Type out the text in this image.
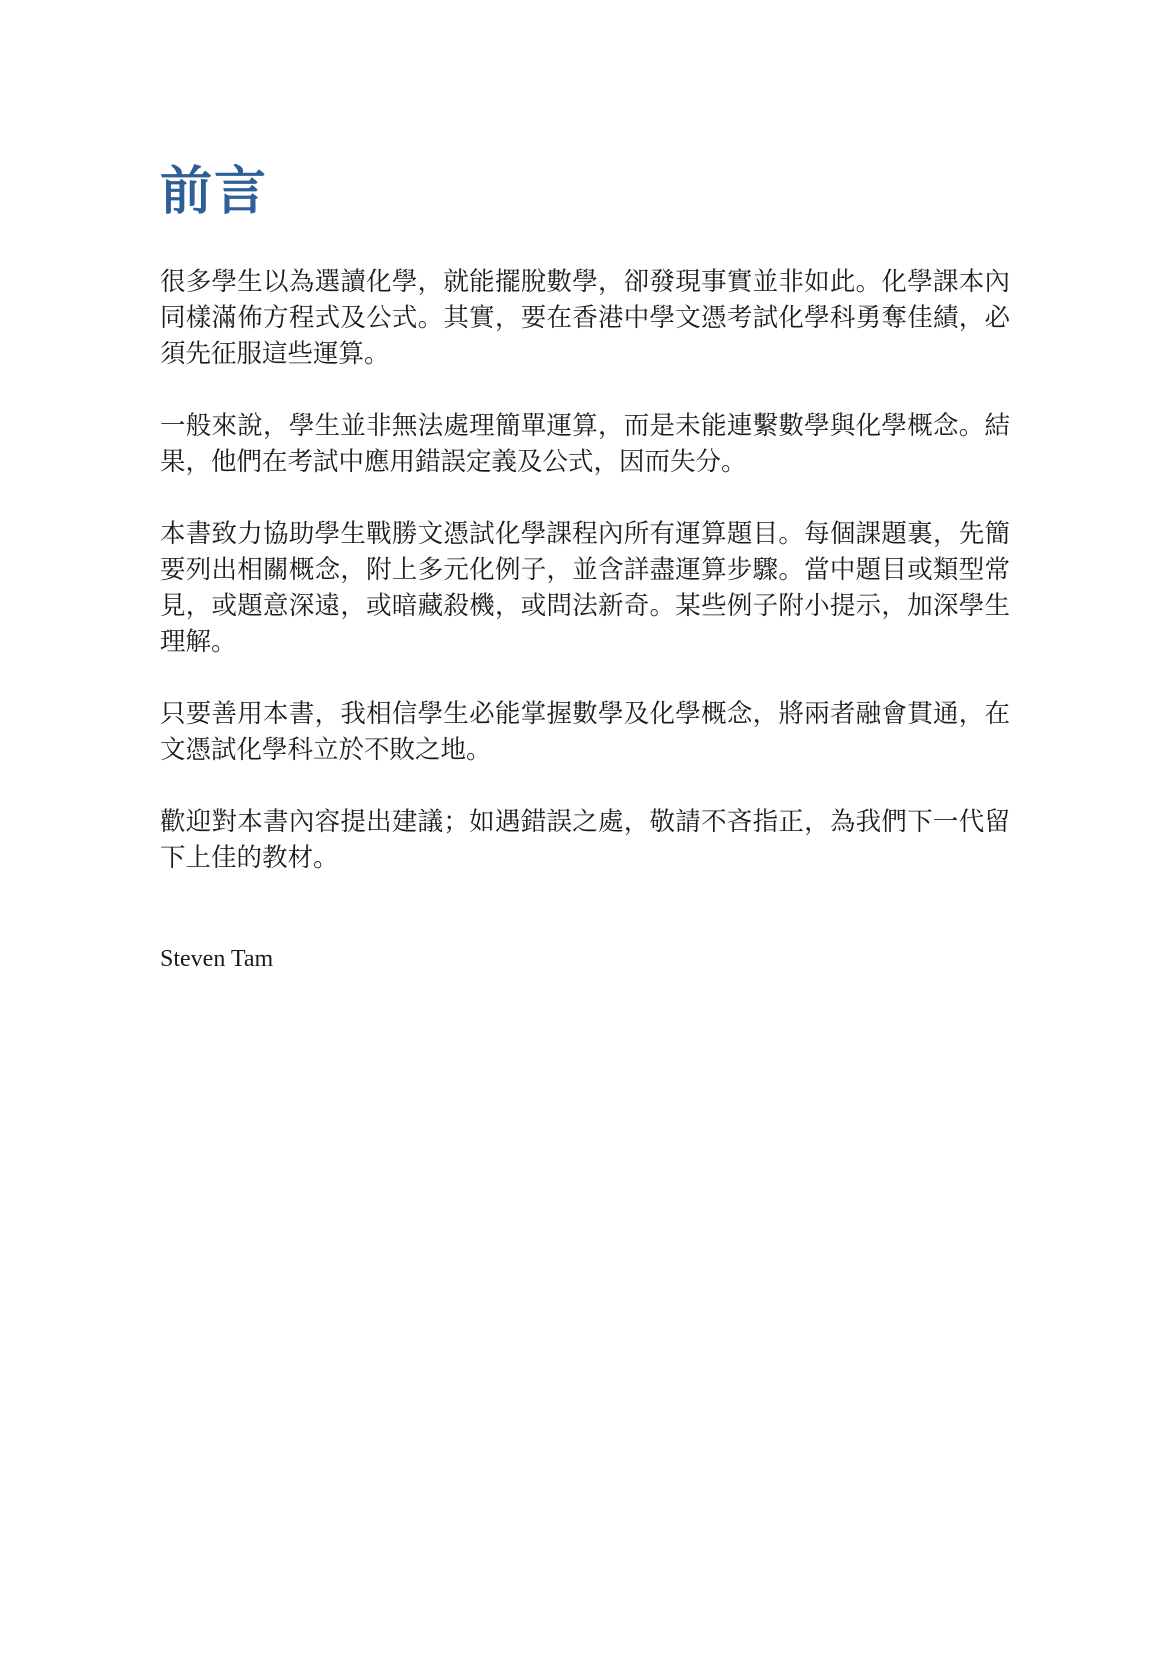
前言

很多學生以為選讀化學，就能擺脫數學，卻發現事實並非如此。化學課本內同樣滿佈方程式及公式。其實，要在香港中學文憑考試化學科勇奪佳績，必須先征服這些運算。

一般來說，學生並非無法處理簡單運算，而是未能連繫數學與化學概念。結果，他們在考試中應用錯誤定義及公式，因而失分。

本書致力協助學生戰勝文憑試化學課程內所有運算題目。每個課題裏，先簡要列出相關概念，附上多元化例子，並含詳盡運算步驟。當中題目或類型常見，或題意深遠，或暗藏殺機，或問法新奇。某些例子附小提示，加深學生理解。

只要善用本書，我相信學生必能掌握數學及化學概念，將兩者融會貫通，在文憑試化學科立於不敗之地。

歡迎對本書內容提出建議；如遇錯誤之處，敬請不吝指正，為我們下一代留下上佳的教材。

Steven Tam
